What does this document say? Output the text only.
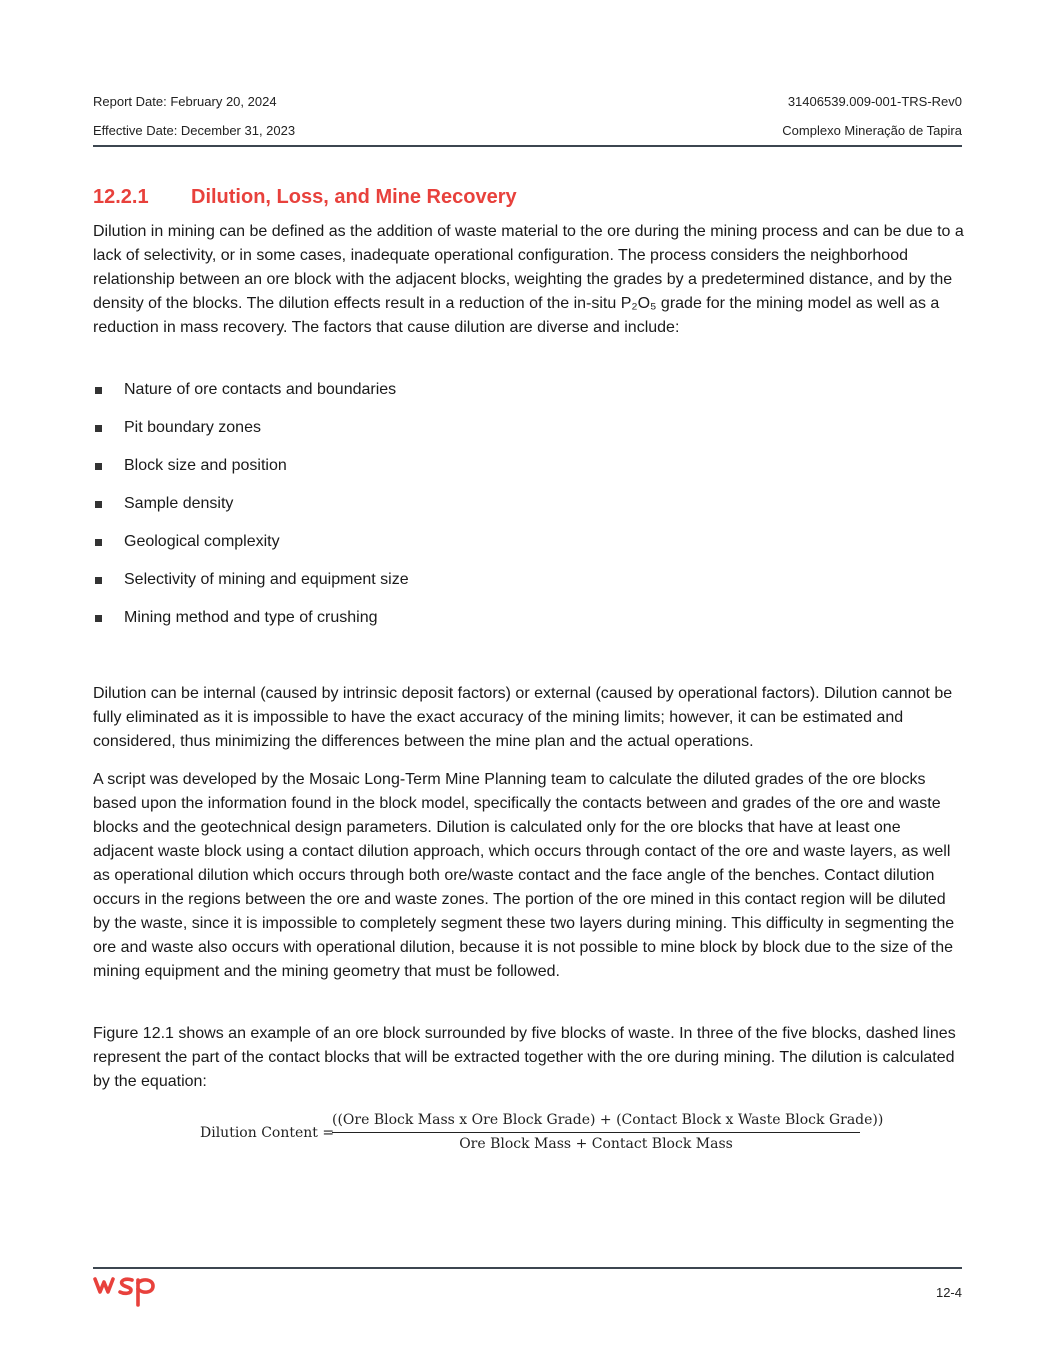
Report Date: February 20, 2024	31406539.009-001-TRS-Rev0
Effective Date: December 31, 2023	Complexo Mineração de Tapira
12.2.1 Dilution, Loss, and Mine Recovery

Dilution in mining can be defined as the addition of waste material to the ore during the mining process and can be due to a lack of selectivity, or in some cases, inadequate operational configuration. The process considers the neighborhood relationship between an ore block with the adjacent blocks, weighting the grades by a predetermined distance, and by the density of the blocks. The dilution effects result in a reduction of the in-situ P₂O₅ grade for the mining model as well as a reduction in mass recovery. The factors that cause dilution are diverse and include:

Nature of ore contacts and boundaries
Pit boundary zones
Block size and position
Sample density
Geological complexity
Selectivity of mining and equipment size
Mining method and type of crushing

Dilution can be internal (caused by intrinsic deposit factors) or external (caused by operational factors). Dilution cannot be fully eliminated as it is impossible to have the exact accuracy of the mining limits; however, it can be estimated and considered, thus minimizing the differences between the mine plan and the actual operations.

A script was developed by the Mosaic Long-Term Mine Planning team to calculate the diluted grades of the ore blocks based upon the information found in the block model, specifically the contacts between and grades of the ore and waste blocks and the geotechnical design parameters. Dilution is calculated only for the ore blocks that have at least one adjacent waste block using a contact dilution approach, which occurs through contact of the ore and waste layers, as well as operational dilution which occurs through both ore/waste contact and the face angle of the benches. Contact dilution occurs in the regions between the ore and waste zones. The portion of the ore mined in this contact region will be diluted by the waste, since it is impossible to completely segment these two layers during mining. This difficulty in segmenting the ore and waste also occurs with operational dilution, because it is not possible to mine block by block due to the size of the mining equipment and the mining geometry that must be followed.

Figure 12.1 shows an example of an ore block surrounded by five blocks of waste. In three of the five blocks, dashed lines represent the part of the contact blocks that will be extracted together with the ore during mining. The dilution is calculated by the equation:

Dilution Content =
((Ore Block Mass x Ore Block Grade) + (Contact Block x Waste Block Grade))
Ore Block Mass + Contact Block Mass
12-4
